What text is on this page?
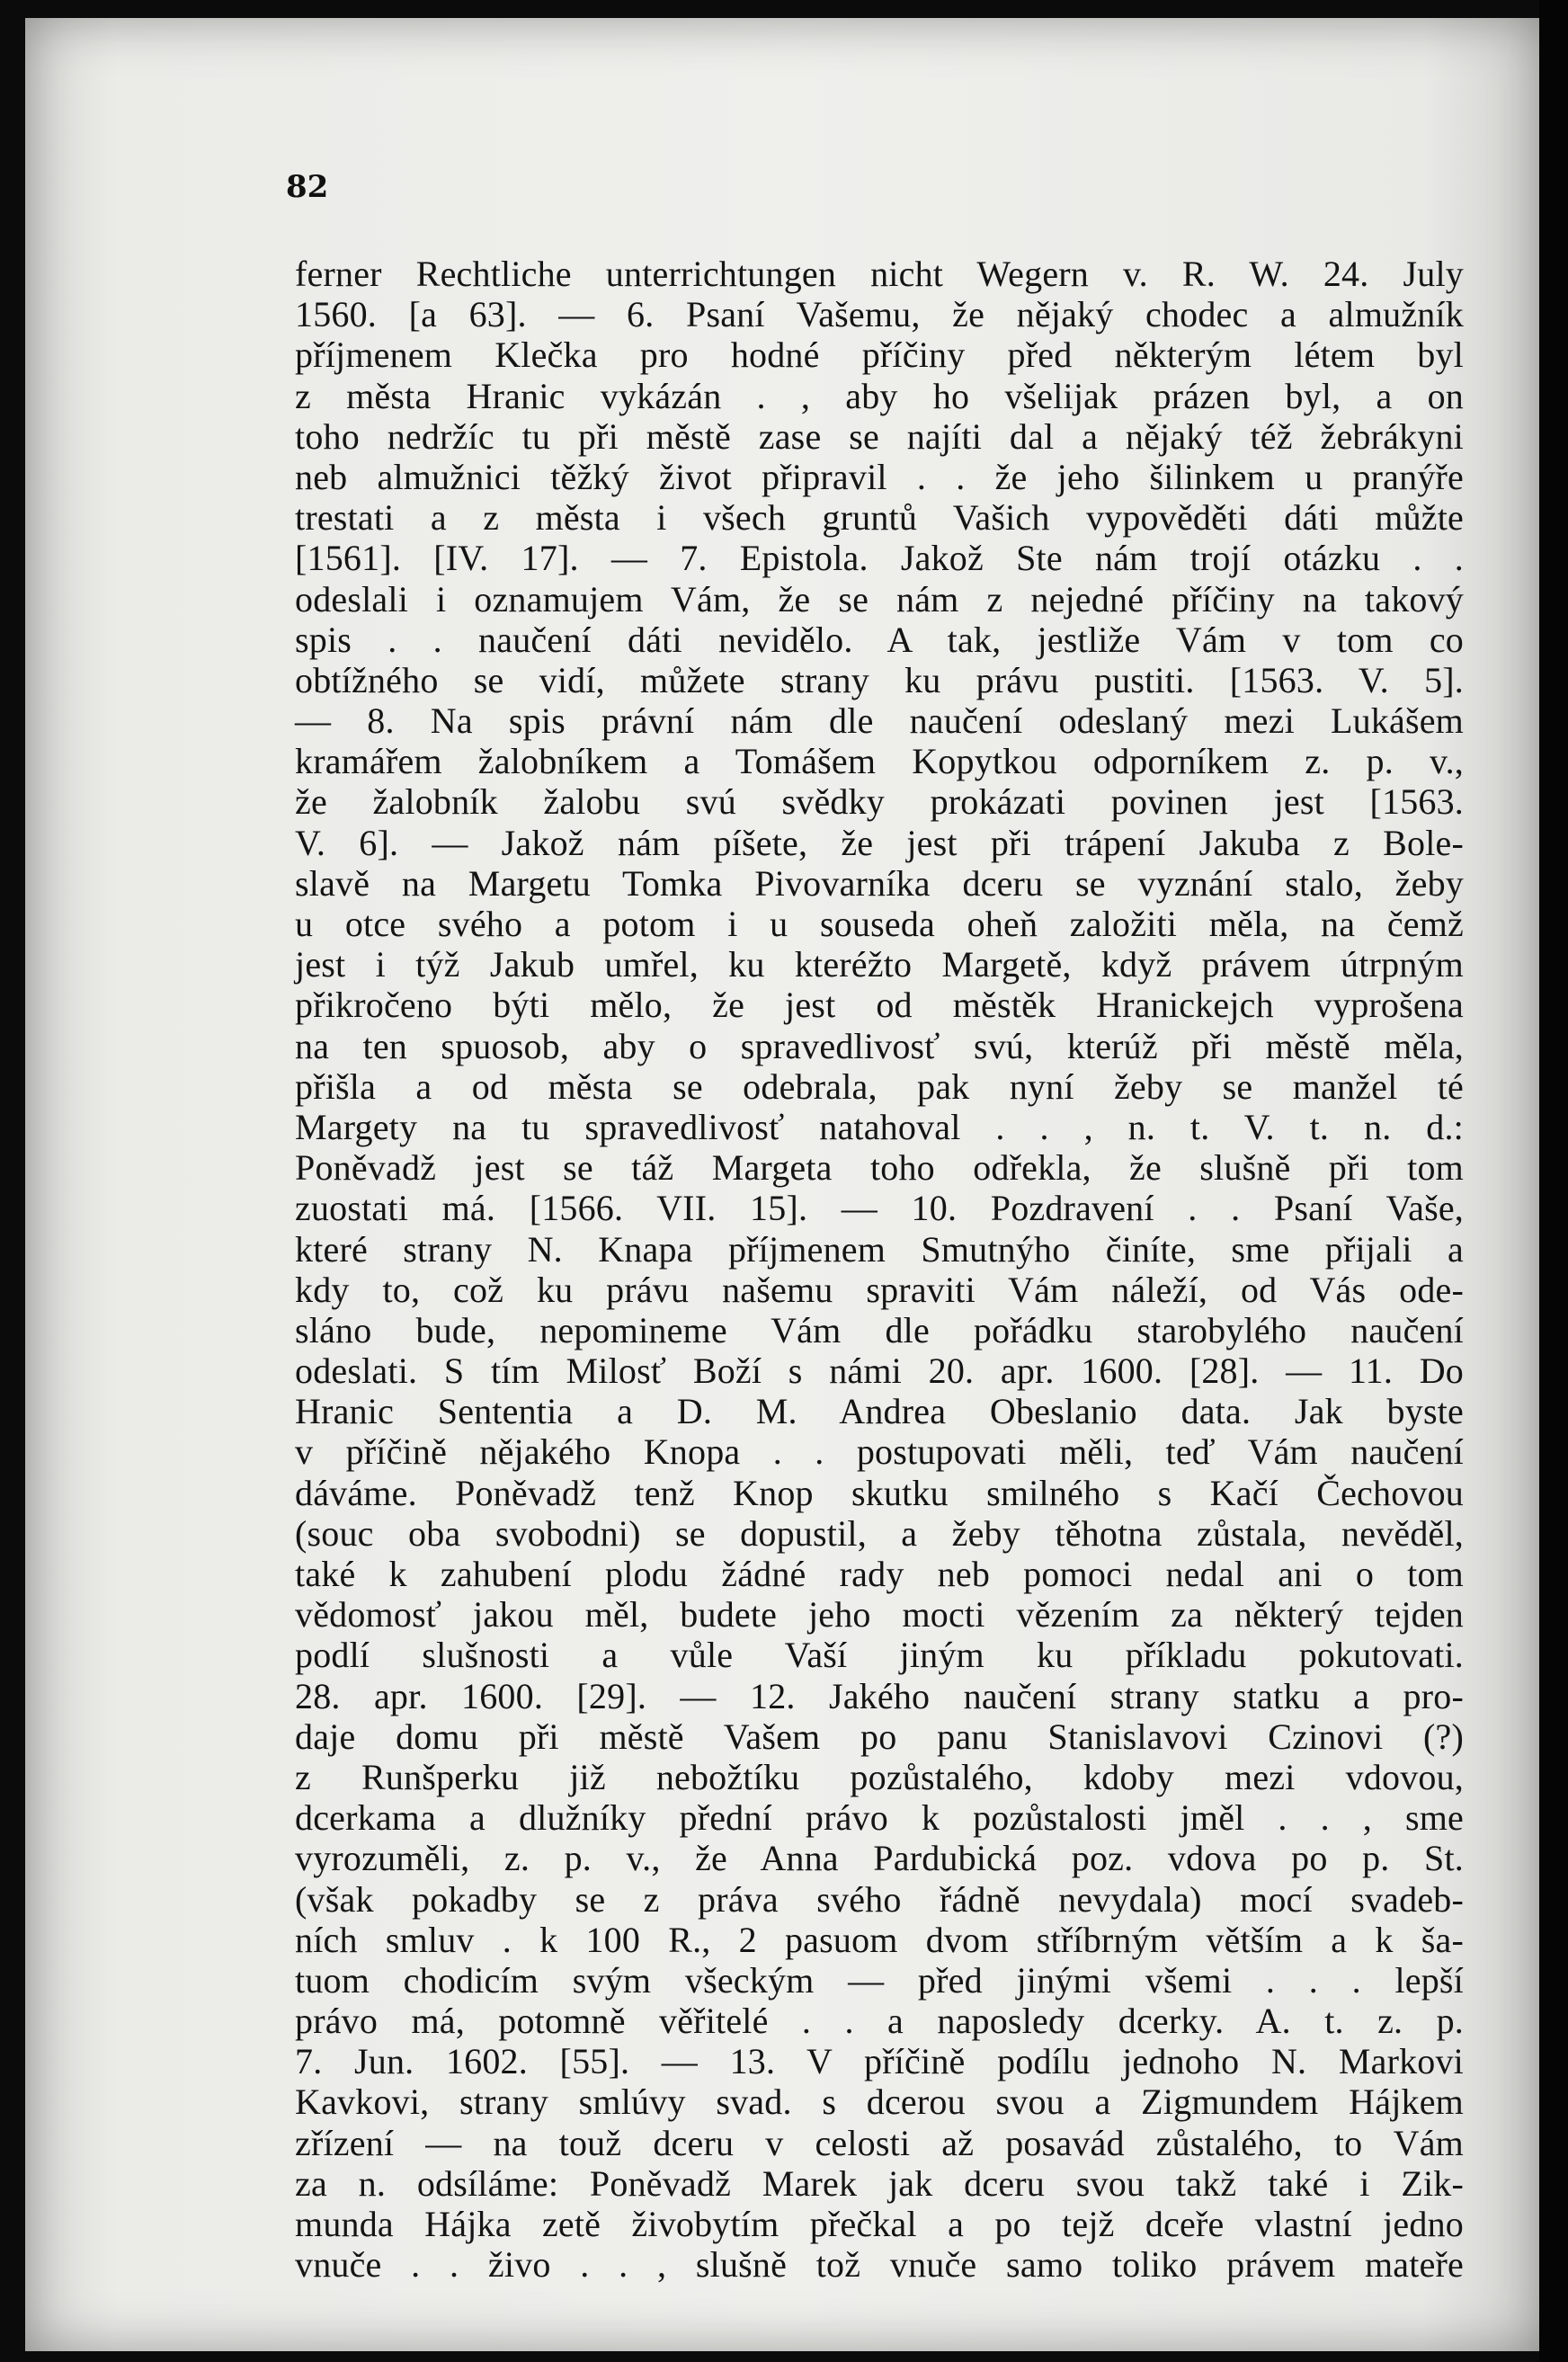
82
ferner Rechtliche unterrichtungen nicht Wegern v. R. W. 24. July
1560. [a 63]. — 6. Psaní Vašemu, že nějaký chodec a almužník
příjmenem Klečka pro hodné příčiny před některým létem byl
z města Hranic vykázán . , aby ho všelijak prázen byl, a on
toho nedržíc tu při městě zase se najíti dal a nějaký též žebrákyni
neb almužnici těžký život připravil . . že jeho šilinkem u pranýře
trestati a z města i všech gruntů Vašich vypověděti dáti můžte
[1561]. [IV. 17]. — 7. Epistola. Jakož Ste nám trojí otázku . .
odeslali i oznamujem Vám, že se nám z nejedné příčiny na takový
spis . . naučení dáti nevidělo. A tak, jestliže Vám v tom co
obtížného se vidí, můžete strany ku právu pustiti. [1563. V. 5].
— 8. Na spis právní nám dle naučení odeslaný mezi Lukášem
kramářem žalobníkem a Tomášem Kopytkou odporníkem z. p. v.,
že žalobník žalobu svú svědky prokázati povinen jest [1563.
V. 6]. — Jakož nám píšete, že jest při trápení Jakuba z Bole-
slavě na Margetu Tomka Pivovarníka dceru se vyznání stalo, žeby
u otce svého a potom i u souseda oheň založiti měla, na čemž
jest i týž Jakub umřel, ku kteréžto Margetě, když právem útrpným
přikročeno býti mělo, že jest od městěk Hranickejch vyprošena
na ten spuosob, aby o spravedlivosť svú, kterúž při městě měla,
přišla a od města se odebrala, pak nyní žeby se manžel té
Margety na tu spravedlivosť natahoval . . , n. t. V. t. n. d.:
Poněvadž jest se táž Margeta toho odřekla, že slušně při tom
zuostati má. [1566. VII. 15]. — 10. Pozdravení . . Psaní Vaše,
které strany N. Knapa příjmenem Smutnýho činíte, sme přijali a
kdy to, což ku právu našemu spraviti Vám náleží, od Vás ode-
sláno bude, nepomineme Vám dle pořádku starobylého naučení
odeslati. S tím Milosť Boží s námi 20. apr. 1600. [28]. — 11. Do
Hranic Sententia a D. M. Andrea Obeslanio data. Jak byste
v příčině nějakého Knopa . . postupovati měli, teď Vám naučení
dáváme. Poněvadž tenž Knop skutku smilného s Kačí Čechovou
(souc oba svobodni) se dopustil, a žeby těhotna zůstala, nevěděl,
také k zahubení plodu žádné rady neb pomoci nedal ani o tom
vědomosť jakou měl, budete jeho mocti vězením za některý tejden
podlí slušnosti a vůle Vaší jiným ku příkladu pokutovati.
28. apr. 1600. [29]. — 12. Jakého naučení strany statku a pro-
daje domu při městě Vašem po panu Stanislavovi Czinovi (?)
z Runšperku již nebožtíku pozůstalého, kdoby mezi vdovou,
dcerkama a dlužníky přední právo k pozůstalosti jměl . . , sme
vyrozuměli, z. p. v., že Anna Pardubická poz. vdova po p. St.
(však pokadby se z práva svého řádně nevydala) mocí svadeb-
ních smluv . k 100 R., 2 pasuom dvom stříbrným větším a k ša-
tuom chodicím svým všeckým — před jinými všemi . . . lepší
právo má, potomně věřitelé . . a naposledy dcerky. A. t. z. p.
7. Jun. 1602. [55]. — 13. V příčině podílu jednoho N. Markovi
Kavkovi, strany smlúvy svad. s dcerou svou a Zigmundem Hájkem
zřízení — na touž dceru v celosti až posavád zůstalého, to Vám
za n. odsíláme: Poněvadž Marek jak dceru svou takž také i Zik-
munda Hájka zetě živobytím přečkal a po tejž dceře vlastní jedno
vnuče . . živo . . , slušně tož vnuče samo toliko právem mateře
